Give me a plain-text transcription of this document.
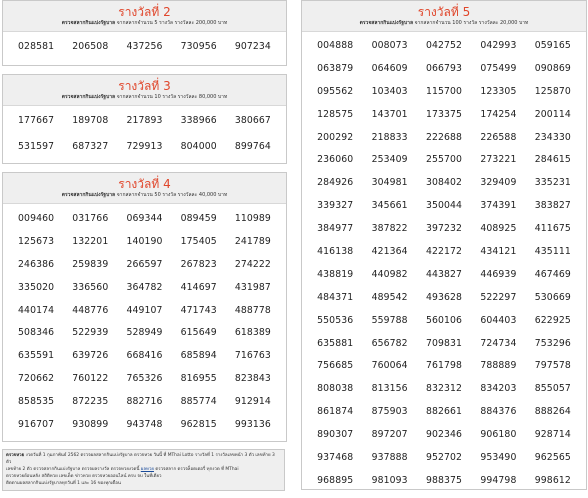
รางวัลที่ 2
ตรวจสลากกินแบ่งรัฐบาล จากสลากจำนวน 5 รางวัล รางวัลละ 200,000 บาท
028581	206508	437256	730956	907234
รางวัลที่ 3
ตรวจสลากกินแบ่งรัฐบาล จากสลากจำนวน 10 รางวัล รางวัลละ 80,000 บาท
177667	189708	217893	338966	380667
531597	687327	729913	804000	899764
รางวัลที่ 4
ตรวจสลากกินแบ่งรัฐบาล จากสลากจำนวน 50 รางวัล รางวัลละ 40,000 บาท
009460	031766	069344	089459	110989
125673	132201	140190	175405	241789
246386	259839	266597	267823	274222
335020	336560	364782	414697	431987
440174	448776	449107	471743	488778
508346	522939	528949	615649	618389
635591	639726	668416	685894	716763
720662	760122	765326	816955	823843
858535	872235	882716	885774	912914
916707	930899	943748	962815	993136
รางวัลที่ 5
ตรวจสลากกินแบ่งรัฐบาล จากสลากจำนวน 100 รางวัล รางวัลละ 20,000 บาท
004888	008073	042752	042993	059165
063879	064609	066793	075499	090869
095562	103403	115700	123305	125870
128575	143701	173375	174254	200114
200292	218833	222688	226588	234330
236060	253409	255700	273221	284615
284926	304981	308402	329409	335231
339327	345661	350044	374391	383827
384977	387822	397232	408925	411675
416138	421364	422172	434121	435111
438819	440982	443827	446939	467469
484371	489542	493628	522297	530669
550536	559788	560106	604403	622925
635881	656782	709831	724734	753296
756685	760064	761798	788889	797578
808038	813156	832312	834203	855057
861874	875903	882661	884376	888264
890307	897207	902346	906180	928714
937468	937888	952702	953490	962565
968895	981093	988375	994798	998612
ตรวจหวย งวดวันที่ 1 กุมภาพันธ์ 2562 ตรวจผลสลากกินแบ่งรัฐบาล ตรวจหวย วันนี้ ที่ MThai Lotto รางวัลที่ 1 รางวัลเลขหน้า 3 ตัว เลขท้าย 3 ตัว
เลขท้าย 2 ตัว ตรวจสลากกินแบ่งรัฐบาล ตรวจผลรางวัล ตรวจหวยงวดนี้ ผลหวย ตรวจสลาก ตรวจล็อตเตอรี่ ทุกงวด ที่ MThai
ตรวจหวยย้อนหลัง สถิติหวย เลขเด็ด ข่าวหวย ตรวจหวยออนไลน์ ครบ จบ ในที่เดียว
ติดตามผลสลากกินแบ่งรัฐบาลทุกวันที่ 1 และ 16 ของทุกเดือน
